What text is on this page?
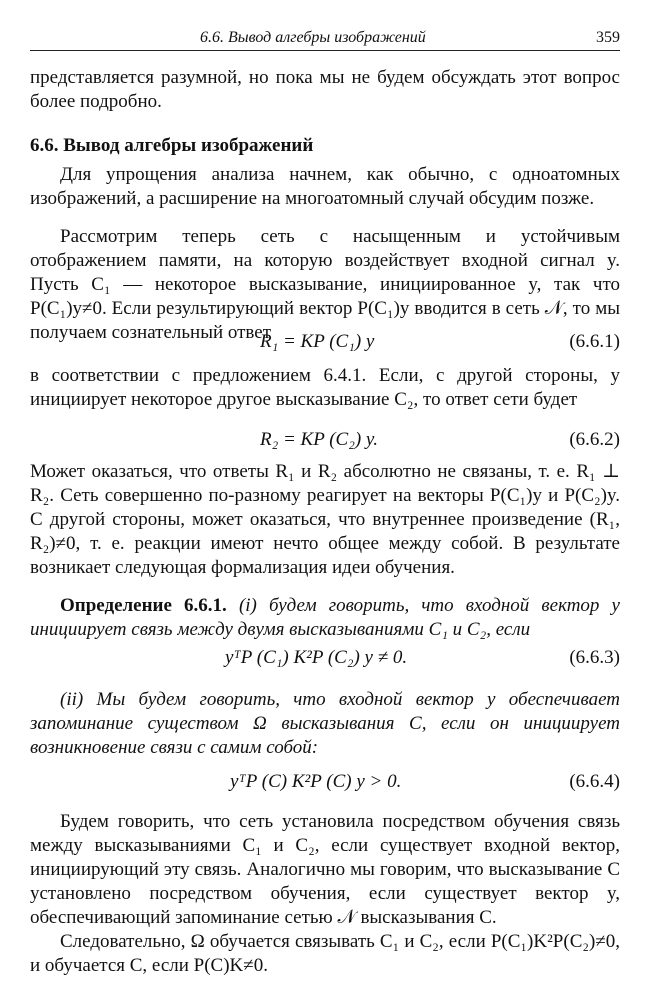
6.6. Вывод алгебры изображений	359

представляется разумной, но пока мы не будем обсуждать этот вопрос более подробно.

6.6. Вывод алгебры изображений

Для упрощения анализа начнем, как обычно, с одноатомных изображений, а расширение на многоатомный случай обсудим позже.

Рассмотрим теперь сеть с насыщенным и устойчивым отображением памяти, на которую воздействует входной сигнал y. Пусть C₁ — некоторое высказывание, инициированное y, так что P(C₁)y≠0. Если результирующий вектор P(C₁)y вводится в сеть 𝒩, то мы получаем сознательный ответ

R₁ = KP (C₁) y	(6.6.1)

в соответствии с предложением 6.4.1. Если, с другой стороны, y инициирует некоторое другое высказывание C₂, то ответ сети будет

R₂ = KP (C₂) y.	(6.6.2)

Может оказаться, что ответы R₁ и R₂ абсолютно не связаны, т. е. R₁ ⊥ R₂. Сеть совершенно по-разному реагирует на векторы P(C₁)y и P(C₂)y. С другой стороны, может оказаться, что внутреннее произведение (R₁, R₂)≠0, т. е. реакции имеют нечто общее между собой. В результате возникает следующая формализация идеи обучения.

Определение 6.6.1. (i) будем говорить, что входной вектор y инициирует связь между двумя высказываниями C₁ и C₂, если

yᵀP (C₁) K²P (C₂) y ≠ 0.	(6.6.3)

(ii) Мы будем говорить, что входной вектор y обеспечивает запоминание существом Ω высказывания C, если он инициирует возникновение связи с самим собой:

yᵀP (C) K²P (C) y > 0.	(6.6.4)

Будем говорить, что сеть установила посредством обучения связь между высказываниями C₁ и C₂, если существует входной вектор, инициирующий эту связь. Аналогично мы говорим, что высказывание C установлено посредством обучения, если существует вектор y, обеспечивающий запоминание сетью 𝒩 высказывания C.

Следовательно, Ω обучается связывать C₁ и C₂, если P(C₁)K²P(C₂)≠0, и обучается C, если P(C)K≠0.
